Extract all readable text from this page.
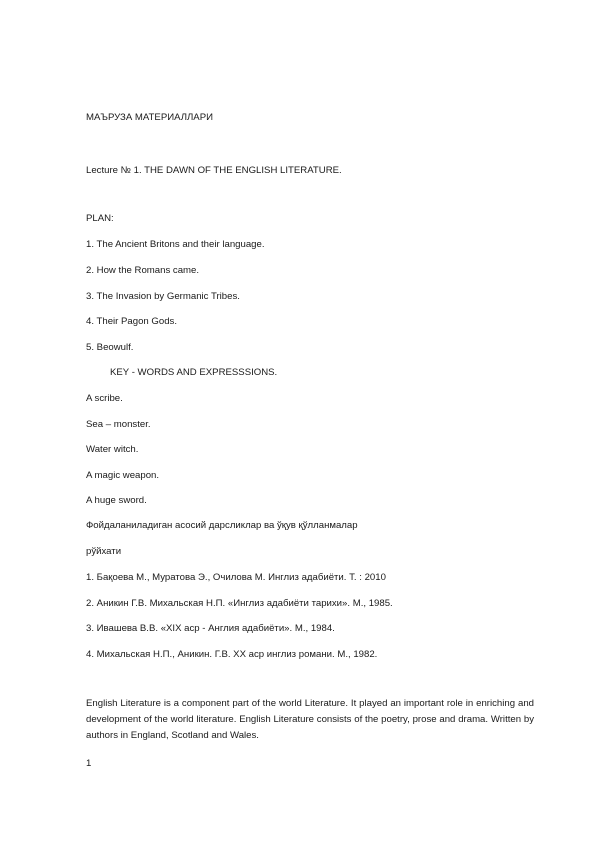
МАЪРУЗА МАТЕРИАЛЛАРИ
Lecture № 1. THE DAWN OF THE ENGLISH LITERATURE.
PLAN:
1. The Ancient Britons and their language.
2. How the Romans came.
3. The Invasion by Germanic Tribes.
4. Their Pagon Gods.
5. Beowulf.
KEY - WORDS AND EXPRESSSIONS.
A scribe.
Sea – monster.
Water witch.
A magic weapon.
A huge sword.
Фойдаланиладиган асосий дарсликлар ва ўқув қўлланмалар
рўйхати
1. Бақоева М., Муратова Э., Очилова М. Инглиз адабиёти. Т. : 2010
2. Аникин Г.В. Михальская Н.П. «Инглиз адабиёти тарихи». М., 1985.
3. Ивашева В.В. «XIX аср - Англия адабиёти». М., 1984.
4. Михальская Н.П., Аникин. Г.В. XX аср инглиз романи. М., 1982.
English Literature is a component part of the world Literature. It played an important role in enriching and development of the world literature. English Literature consists of the poetry, prose and drama. Written by authors in England, Scotland and Wales.
1
